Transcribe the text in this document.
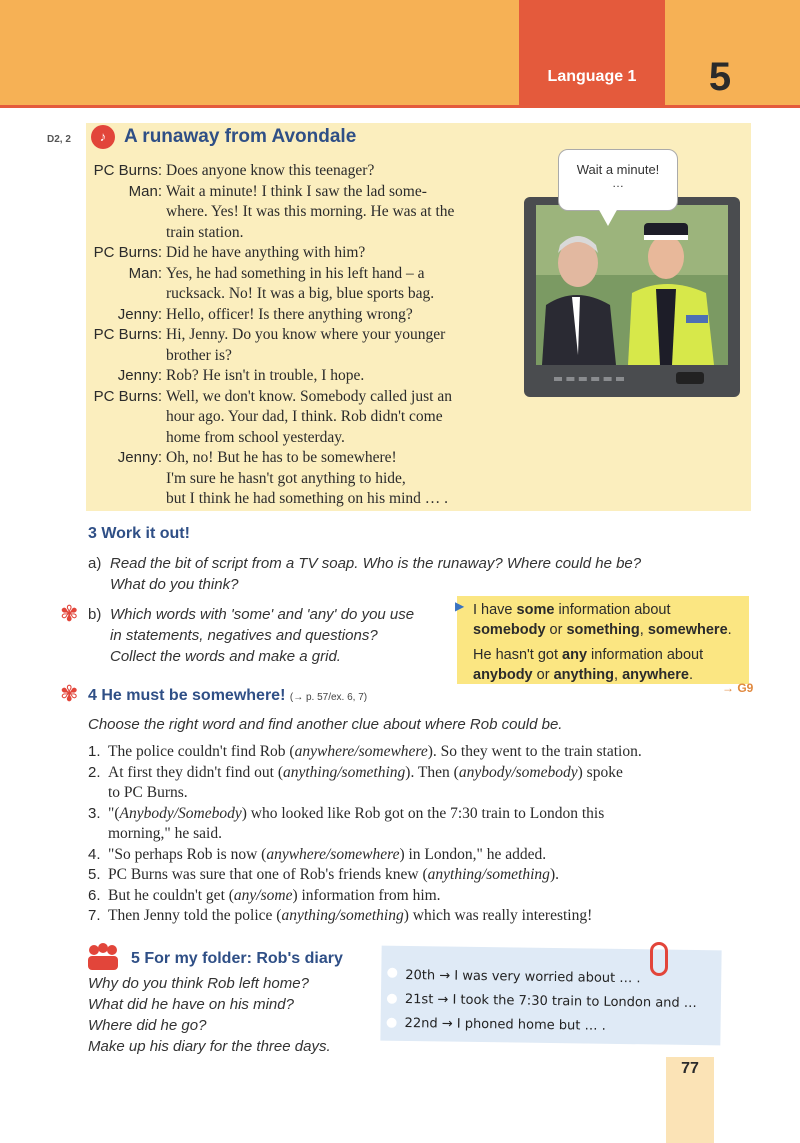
Language 1	5
D2, 2	♪ A runaway from Avondale
PC Burns: Does anyone know this teenager?
Man: Wait a minute! I think I saw the lad some-
where. Yes! It was this morning. He was at the
train station.
PC Burns: Did he have anything with him?
Man: Yes, he had something in his left hand – a
rucksack. No! It was a big, blue sports bag.
Jenny: Hello, officer! Is there anything wrong?
PC Burns: Hi, Jenny. Do you know where your younger
brother is?
Jenny: Rob? He isn't in trouble, I hope.
PC Burns: Well, we don't know. Somebody called just an
hour ago. Your dad, I think. Rob didn't come
home from school yesterday.
Jenny: Oh, no! But he has to be somewhere!
I'm sure he hasn't got anything to hide,
but I think he had something on his mind … .
Wait a minute!
…
3 Work it out!
a) Read the bit of script from a TV soap. Who is the runaway? Where could he be?
What do you think?
✾ b) Which words with 'some' and 'any' do you use
in statements, negatives and questions?
Collect the words and make a grid.

I have some information about
somebody or something, somewhere.

He hasn't got any information about
anybody or anything, anywhere.

▶
→ G9
✾ 4 He must be somewhere! (→ p. 57/ex. 6, 7)
Choose the right word and find another clue about where Rob could be.
1. The police couldn't find Rob (anywhere/somewhere). So they went to the train station.
2. At first they didn't find out (anything/something). Then (anybody/somebody) spoke
to PC Burns.
3. "(Anybody/Somebody) who looked like Rob got on the 7:30 train to London this
morning," he said.
4. "So perhaps Rob is now (anywhere/somewhere) in London," he added.
5. PC Burns was sure that one of Rob's friends knew (anything/something).
6. But he couldn't get (any/some) information from him.
7. Then Jenny told the police (anything/something) which was really interesting!
5 For my folder: Rob's diary
Why do you think Rob left home?
What did he have on his mind?
Where did he go?
Make up his diary for the three days.
20th → I was very worried about … .
21st → I took the 7:30 train to London and …
22nd → I phoned home but … .
77
